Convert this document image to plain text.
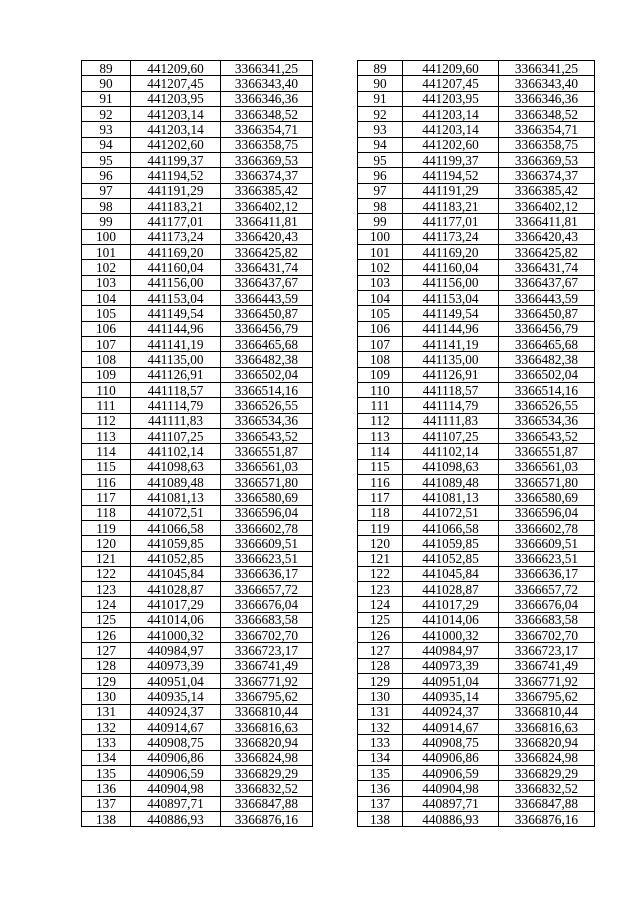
89	441209,60	3366341,25		89	441209,60	3366341,25
90	441207,45	3366343,40		90	441207,45	3366343,40
91	441203,95	3366346,36		91	441203,95	3366346,36
92	441203,14	3366348,52		92	441203,14	3366348,52
93	441203,14	3366354,71		93	441203,14	3366354,71
94	441202,60	3366358,75		94	441202,60	3366358,75
95	441199,37	3366369,53		95	441199,37	3366369,53
96	441194,52	3366374,37		96	441194,52	3366374,37
97	441191,29	3366385,42		97	441191,29	3366385,42
98	441183,21	3366402,12		98	441183,21	3366402,12
99	441177,01	3366411,81		99	441177,01	3366411,81
100	441173,24	3366420,43		100	441173,24	3366420,43
101	441169,20	3366425,82		101	441169,20	3366425,82
102	441160,04	3366431,74		102	441160,04	3366431,74
103	441156,00	3366437,67		103	441156,00	3366437,67
104	441153,04	3366443,59		104	441153,04	3366443,59
105	441149,54	3366450,87		105	441149,54	3366450,87
106	441144,96	3366456,79		106	441144,96	3366456,79
107	441141,19	3366465,68		107	441141,19	3366465,68
108	441135,00	3366482,38		108	441135,00	3366482,38
109	441126,91	3366502,04		109	441126,91	3366502,04
110	441118,57	3366514,16		110	441118,57	3366514,16
111	441114,79	3366526,55		111	441114,79	3366526,55
112	441111,83	3366534,36		112	441111,83	3366534,36
113	441107,25	3366543,52		113	441107,25	3366543,52
114	441102,14	3366551,87		114	441102,14	3366551,87
115	441098,63	3366561,03		115	441098,63	3366561,03
116	441089,48	3366571,80		116	441089,48	3366571,80
117	441081,13	3366580,69		117	441081,13	3366580,69
118	441072,51	3366596,04		118	441072,51	3366596,04
119	441066,58	3366602,78		119	441066,58	3366602,78
120	441059,85	3366609,51		120	441059,85	3366609,51
121	441052,85	3366623,51		121	441052,85	3366623,51
122	441045,84	3366636,17		122	441045,84	3366636,17
123	441028,87	3366657,72		123	441028,87	3366657,72
124	441017,29	3366676,04		124	441017,29	3366676,04
125	441014,06	3366683,58		125	441014,06	3366683,58
126	441000,32	3366702,70		126	441000,32	3366702,70
127	440984,97	3366723,17		127	440984,97	3366723,17
128	440973,39	3366741,49		128	440973,39	3366741,49
129	440951,04	3366771,92		129	440951,04	3366771,92
130	440935,14	3366795,62		130	440935,14	3366795,62
131	440924,37	3366810,44		131	440924,37	3366810,44
132	440914,67	3366816,63		132	440914,67	3366816,63
133	440908,75	3366820,94		133	440908,75	3366820,94
134	440906,86	3366824,98		134	440906,86	3366824,98
135	440906,59	3366829,29		135	440906,59	3366829,29
136	440904,98	3366832,52		136	440904,98	3366832,52
137	440897,71	3366847,88		137	440897,71	3366847,88
138	440886,93	3366876,16		138	440886,93	3366876,16
